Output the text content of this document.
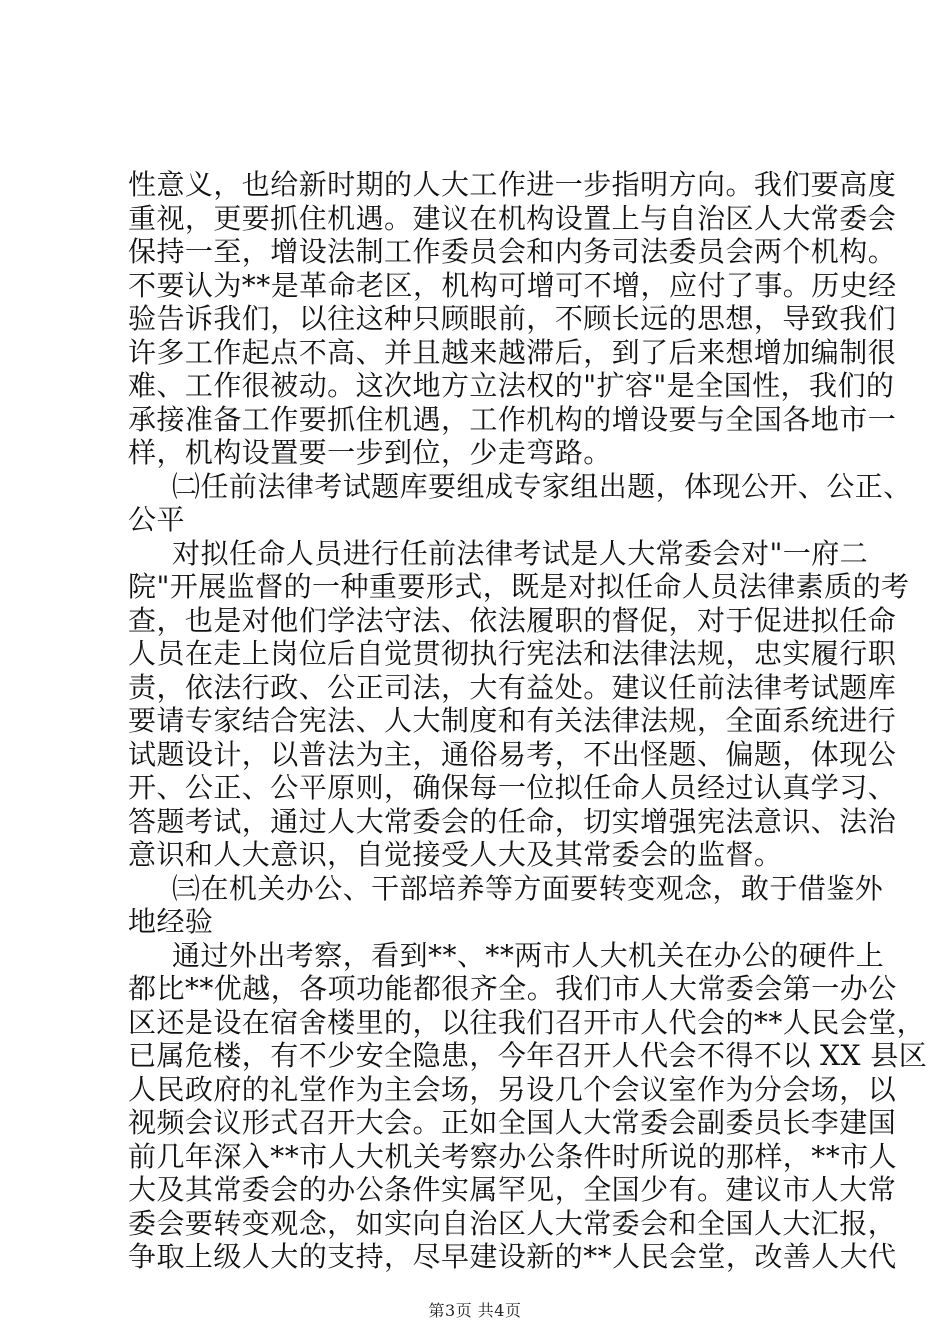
性意义，也给新时期的人大工作进一步指明方向。我们要高度
重视，更要抓住机遇。建议在机构设置上与自治区人大常委会
保持一至，增设法制工作委员会和内务司法委员会两个机构。
不要认为**是革命老区，机构可增可不增，应付了事。历史经
验告诉我们，以往这种只顾眼前，不顾长远的思想，导致我们
许多工作起点不高、并且越来越滞后，到了后来想增加编制很
难、工作很被动。这次地方立法权的"扩容"是全国性，我们的
承接准备工作要抓住机遇，工作机构的增设要与全国各地市一
样，机构设置要一步到位，少走弯路。
㈡任前法律考试题库要组成专家组出题，体现公开、公正、
公平
对拟任命人员进行任前法律考试是人大常委会对"一府二
院"开展监督的一种重要形式，既是对拟任命人员法律素质的考
查，也是对他们学法守法、依法履职的督促，对于促进拟任命
人员在走上岗位后自觉贯彻执行宪法和法律法规，忠实履行职
责，依法行政、公正司法，大有益处。建议任前法律考试题库
要请专家结合宪法、人大制度和有关法律法规，全面系统进行
试题设计，以普法为主，通俗易考，不出怪题、偏题，体现公
开、公正、公平原则，确保每一位拟任命人员经过认真学习、
答题考试，通过人大常委会的任命，切实增强宪法意识、法治
意识和人大意识，自觉接受人大及其常委会的监督。
㈢在机关办公、干部培养等方面要转变观念，敢于借鉴外
地经验
通过外出考察，看到**、**两市人大机关在办公的硬件上
都比**优越，各项功能都很齐全。我们市人大常委会第一办公
区还是设在宿舍楼里的，以往我们召开市人代会的**人民会堂，
已属危楼，有不少安全隐患，今年召开人代会不得不以 XX 县区
人民政府的礼堂作为主会场，另设几个会议室作为分会场，以
视频会议形式召开大会。正如全国人大常委会副委员长李建国
前几年深入**市人大机关考察办公条件时所说的那样，**市人
大及其常委会的办公条件实属罕见，全国少有。建议市人大常
委会要转变观念，如实向自治区人大常委会和全国人大汇报，
争取上级人大的支持，尽早建设新的**人民会堂，改善人大代
第3页 共4页
